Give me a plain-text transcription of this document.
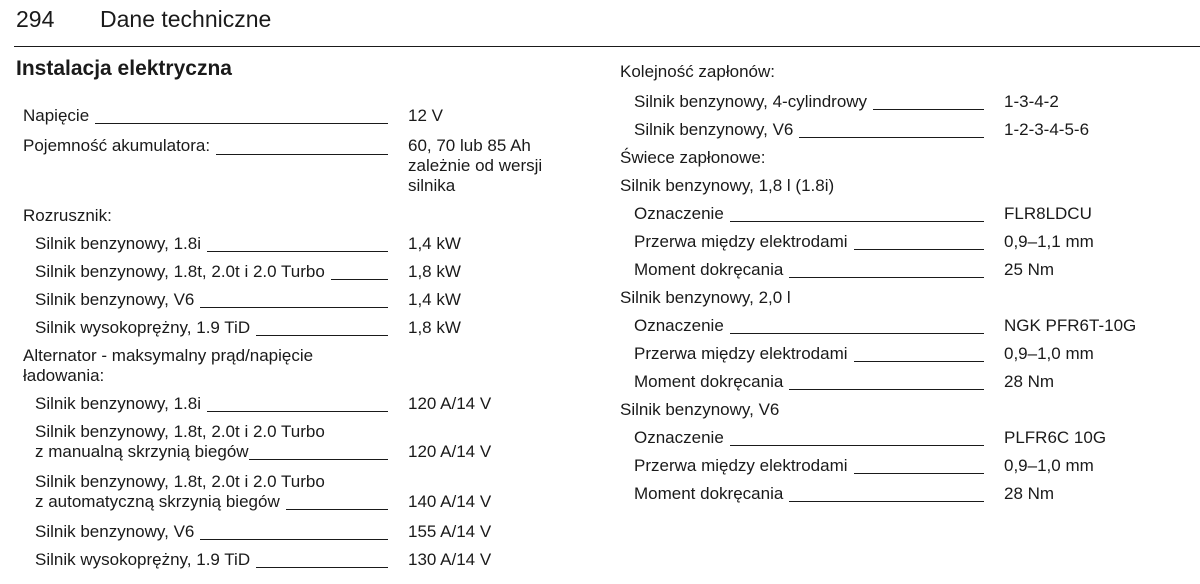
294	Dane techniczne
Instalacja elektryczna
Napięcie	12 V
Pojemność akumulatora:	60, 70 lub 85 Ah
zależnie od wersji
silnika
Rozrusznik:
Silnik benzynowy, 1.8i	1,4 kW
Silnik benzynowy, 1.8t, 2.0t i 2.0 Turbo	1,8 kW
Silnik benzynowy, V6	1,4 kW
Silnik wysokoprężny, 1.9 TiD	1,8 kW
Alternator - maksymalny prąd/napięcie
ładowania:
Silnik benzynowy, 1.8i	120 A/14 V
Silnik benzynowy, 1.8t, 2.0t i 2.0 Turbo
z manualną skrzynią biegów	120 A/14 V
Silnik benzynowy, 1.8t, 2.0t i 2.0 Turbo
z automatyczną skrzynią biegów	140 A/14 V
Silnik benzynowy, V6	155 A/14 V
Silnik wysokoprężny, 1.9 TiD	130 A/14 V
Kolejność zapłonów:
Silnik benzynowy, 4-cylindrowy	1-3-4-2
Silnik benzynowy, V6	1-2-3-4-5-6
Świece zapłonowe:
Silnik benzynowy, 1,8 l (1.8i)
Oznaczenie	FLR8LDCU
Przerwa między elektrodami	0,9–1,1 mm
Moment dokręcania	25 Nm
Silnik benzynowy, 2,0 l
Oznaczenie	NGK PFR6T-10G
Przerwa między elektrodami	0,9–1,0 mm
Moment dokręcania	28 Nm
Silnik benzynowy, V6
Oznaczenie	PLFR6C 10G
Przerwa między elektrodami	0,9–1,0 mm
Moment dokręcania	28 Nm
